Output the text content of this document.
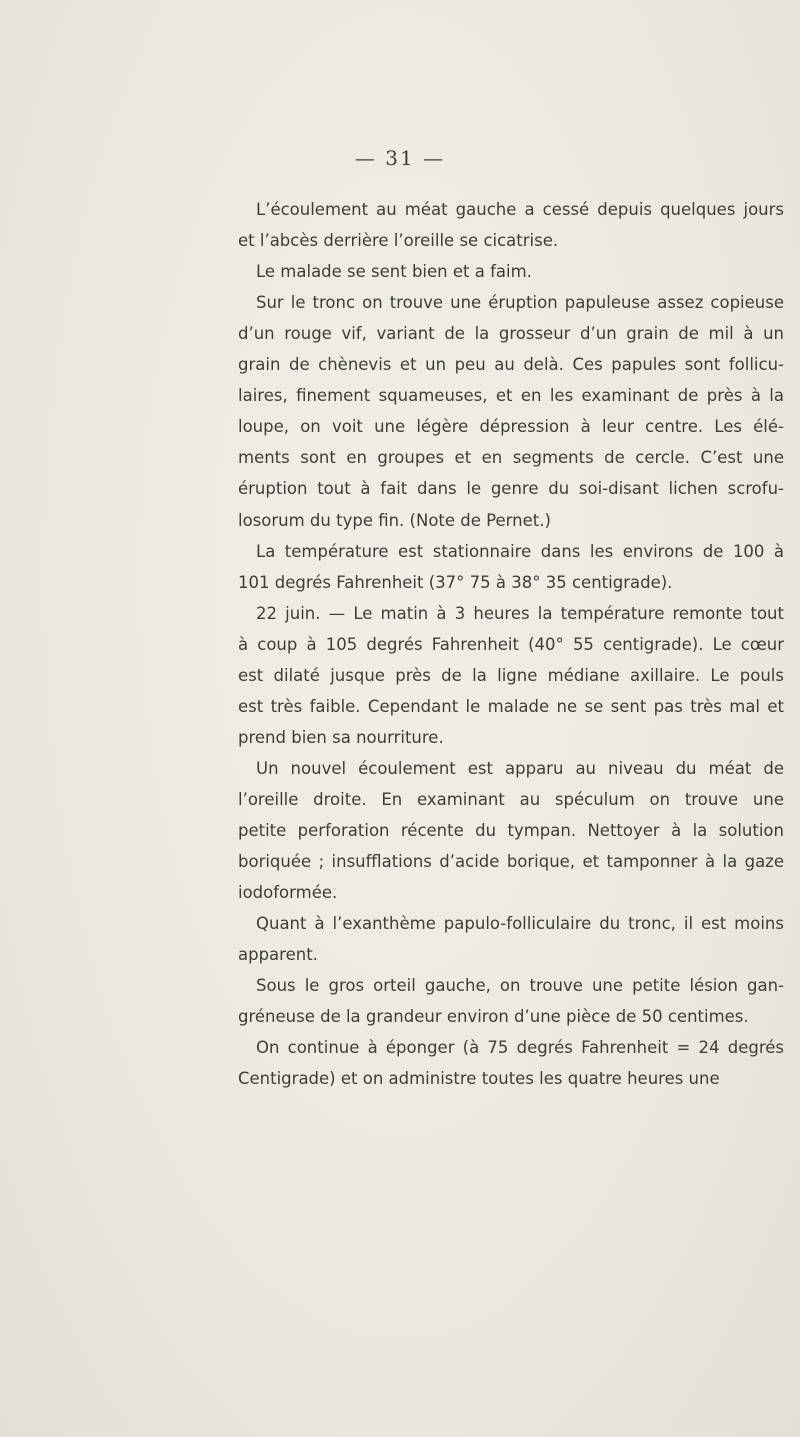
— 31 —
L’écoulement au méat gauche a cessé depuis quelques jours
et l’abcès derrière l’oreille se cicatrise.
Le malade se sent bien et a faim.
Sur le tronc on trouve une éruption papuleuse assez copieuse
d’un rouge vif, variant de la grosseur d’un grain de mil à un
grain de chènevis et un peu au delà. Ces papules sont follicu-
laires, finement squameuses, et en les examinant de près à la
loupe, on voit une légère dépression à leur centre. Les élé-
ments sont en groupes et en segments de cercle. C’est une
éruption tout à fait dans le genre du soi-disant lichen scrofu-
losorum du type fin. (Note de Pernet.)
La température est stationnaire dans les environs de 100 à
101 degrés Fahrenheit (37° 75 à 38° 35 centigrade).
22 juin. — Le matin à 3 heures la température remonte tout
à coup à 105 degrés Fahrenheit (40° 55 centigrade). Le cœur
est dilaté jusque près de la ligne médiane axillaire. Le pouls
est très faible. Cependant le malade ne se sent pas très mal et
prend bien sa nourriture.
Un nouvel écoulement est apparu au niveau du méat de
l’oreille droite. En examinant au spéculum on trouve une
petite perforation récente du tympan. Nettoyer à la solution
boriquée ; insufflations d’acide borique, et tamponner à la gaze
iodoformée.
Quant à l’exanthème papulo-folliculaire du tronc, il est moins
apparent.
Sous le gros orteil gauche, on trouve une petite lésion gan-
gréneuse de la grandeur environ d’une pièce de 50 centimes.
On continue à éponger (à 75 degrés Fahrenheit = 24 degrés
Centigrade) et on administre toutes les quatre heures une
